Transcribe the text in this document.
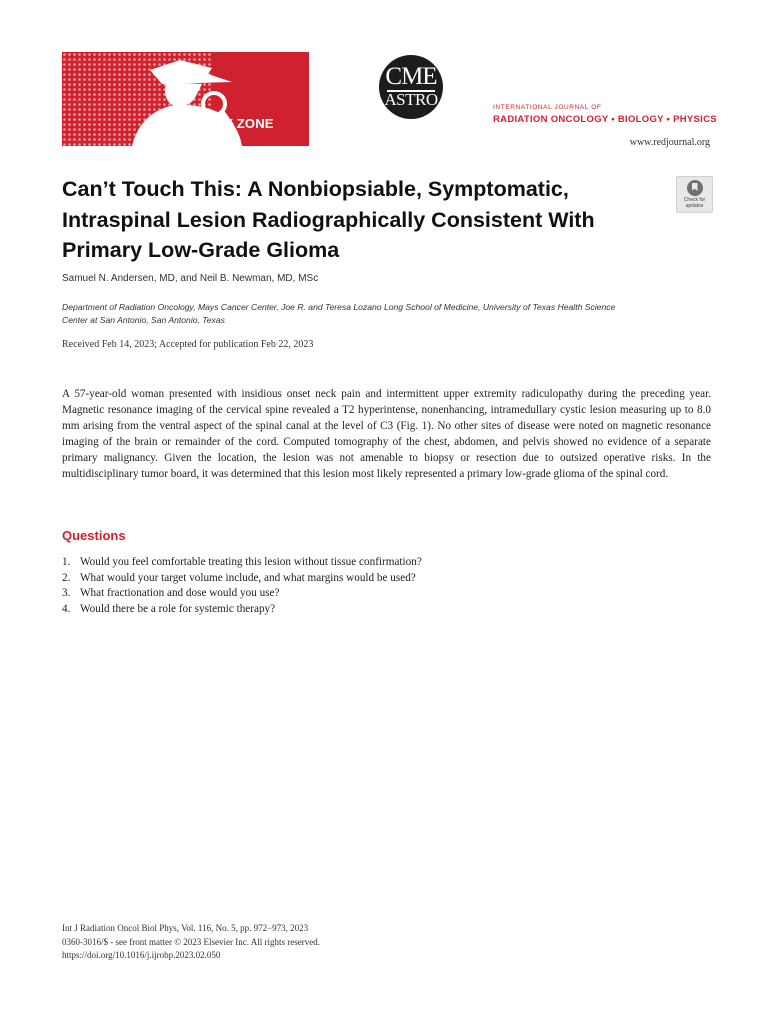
GRAY ZONE
CME
ASTRO	INTERNATIONAL JOURNAL OF
RADIATION ONCOLOGY • BIOLOGY • PHYSICS
www.redjournal.org
Can’t Touch This: A Nonbiopsiable, Symptomatic, Intraspinal Lesion Radiographically Consistent With Primary Low-Grade Glioma
Check for updates
Samuel N. Andersen, MD, and Neil B. Newman, MD, MSc
Department of Radiation Oncology, Mays Cancer Center, Joe R. and Teresa Lozano Long School of Medicine, University of Texas Health Science Center at San Antonio, San Antonio, Texas
Received Feb 14, 2023; Accepted for publication Feb 22, 2023

A 57-year-old woman presented with insidious onset neck pain and intermittent upper extremity radiculopathy during the preceding year. Magnetic resonance imaging of the cervical spine revealed a T2 hyperintense, nonenhancing, intramedullary cystic lesion measuring up to 8.0 mm arising from the ventral aspect of the spinal canal at the level of C3 (Fig. 1). No other sites of disease were noted on magnetic resonance imaging of the brain or remainder of the cord. Computed tomography of the chest, abdomen, and pelvis showed no evidence of a separate primary malignancy. Given the location, the lesion was not amenable to biopsy or resection due to outsized operative risks. In the multidisciplinary tumor board, it was determined that this lesion most likely represented a primary low-grade glioma of the spinal cord.

Questions
1. Would you feel comfortable treating this lesion without tissue confirmation?
2. What would your target volume include, and what margins would be used?
3. What fractionation and dose would you use?
4. Would there be a role for systemic therapy?
Int J Radiation Oncol Biol Phys, Vol. 116, No. 5, pp. 972−973, 2023
0360-3016/$ - see front matter © 2023 Elsevier Inc. All rights reserved.
https://doi.org/10.1016/j.ijrobp.2023.02.050
